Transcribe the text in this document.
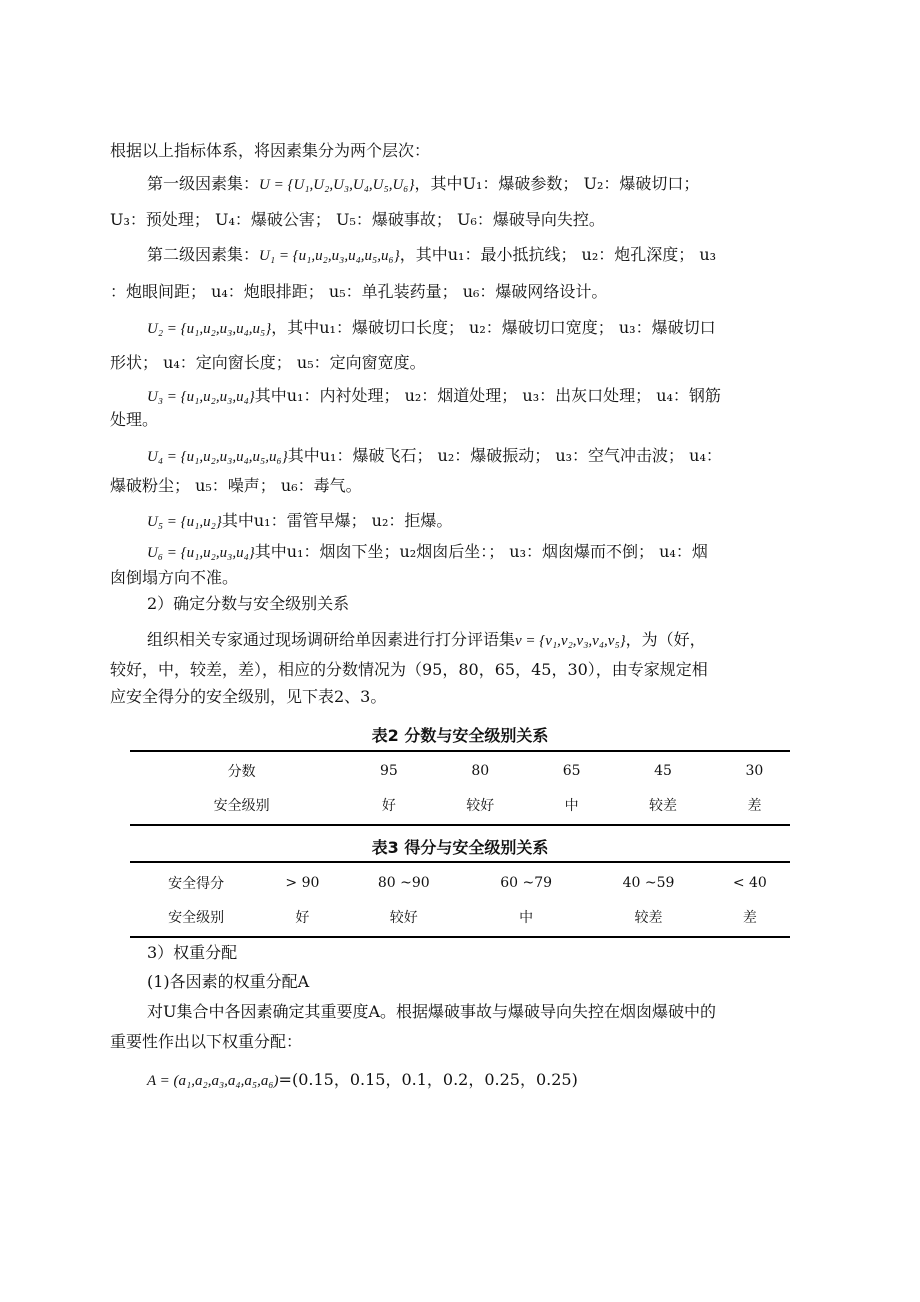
根据以上指标体系，将因素集分为两个层次：
第一级因素集：U = {U₁,U₂,U₃,U₄,U₅,U₆}，其中U₁：爆破参数； U₂：爆破切口；
U₃：预处理； U₄：爆破公害； U₅：爆破事故； U₆：爆破导向失控。
第二级因素集：U₁ = {u₁,u₂,u₃,u₄,u₅,u₆}，其中u₁：最小抵抗线； u₂：炮孔深度； u₃
：炮眼间距； u₄：炮眼排距； u₅：单孔装药量； u₆：爆破网络设计。
U₂ = {u₁,u₂,u₃,u₄,u₅}，其中u₁：爆破切口长度； u₂：爆破切口宽度； u₃：爆破切口
形状； u₄：定向窗长度； u₅：定向窗宽度。
U₃ = {u₁,u₂,u₃,u₄}其中u₁：内衬处理； u₂：烟道处理； u₃：出灰口处理； u₄：钢筋
处理。
U₄ = {u₁,u₂,u₃,u₄,u₅,u₆}其中u₁：爆破飞石； u₂：爆破振动； u₃：空气冲击波； u₄：
爆破粉尘； u₅：噪声； u₆：毒气。
U₅ = {u₁,u₂}其中u₁：雷管早爆； u₂：拒爆。
U₆ = {u₁,u₂,u₃,u₄}其中u₁：烟囱下坐；u₂烟囱后坐：； u₃：烟囱爆而不倒； u₄：烟
囱倒塌方向不准。
2）确定分数与安全级别关系
组织相关专家通过现场调研给单因素进行打分评语集v = {v₁,v₂,v₃,v₄,v₅}，为（好，
较好，中，较差，差），相应的分数情况为（95，80，65，45，30），由专家规定相
应安全得分的安全级别，见下表2、3。
表2 分数与安全级别关系
分数	95	80	65	45	30
安全级别	好	较好	中	较差	差
表3 得分与安全级别关系
安全得分	> 90	80 ~90	60 ~79	40 ~59	< 40
安全级别	好	较好	中	较差	差
3）权重分配
(1)各因素的权重分配A
对U集合中各因素确定其重要度A。根据爆破事故与爆破导向失控在烟囱爆破中的
重要性作出以下权重分配：
A = (a₁,a₂,a₃,a₄,a₅,a₆)=(0.15，0.15，0.1，0.2，0.25，0.25)
